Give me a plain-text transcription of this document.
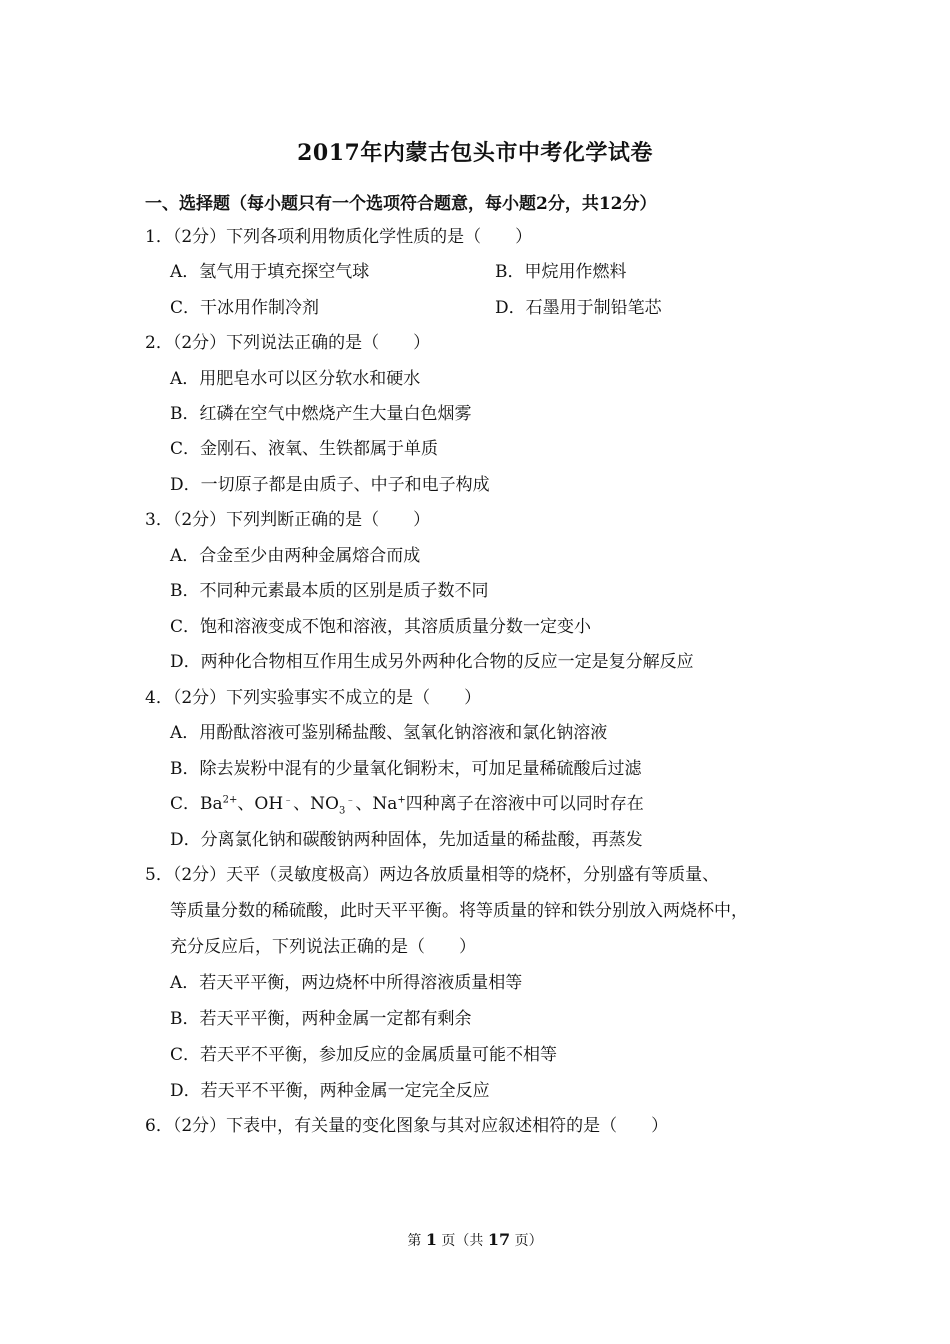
2017年内蒙古包头市中考化学试卷
一、选择题（每小题只有一个选项符合题意，每小题2分，共12分）
1．（2分）下列各项利用物质化学性质的是（　　）
A．氢气用于填充探空气球	B．甲烷用作燃料
C．干冰用作制冷剂	D．石墨用于制铅笔芯
2．（2分）下列说法正确的是（　　）
A．用肥皂水可以区分软水和硬水
B．红磷在空气中燃烧产生大量白色烟雾
C．金刚石、液氧、生铁都属于单质
D．一切原子都是由质子、中子和电子构成
3．（2分）下列判断正确的是（　　）
A．合金至少由两种金属熔合而成
B．不同种元素最本质的区别是质子数不同
C．饱和溶液变成不饱和溶液，其溶质质量分数一定变小
D．两种化合物相互作用生成另外两种化合物的反应一定是复分解反应
4．（2分）下列实验事实不成立的是（　　）
A．用酚酞溶液可鉴别稀盐酸、氢氧化钠溶液和氯化钠溶液
B．除去炭粉中混有的少量氧化铜粉末，可加足量稀硫酸后过滤
C．$Ba^{2+}$、OH﹣、$NO_3^﹣$、Na+四种离子在溶液中可以同时存在
D．分离氯化钠和碳酸钠两种固体，先加适量的稀盐酸，再蒸发
5．（2分）天平（灵敏度极高）两边各放质量相等的烧杯，分别盛有等质量、
等质量分数的稀硫酸，此时天平平衡。将等质量的锌和铁分别放入两烧杯中，
充分反应后，下列说法正确的是（　　）
A．若天平平衡，两边烧杯中所得溶液质量相等
B．若天平平衡，两种金属一定都有剩余
C．若天平不平衡，参加反应的金属质量可能不相等
D．若天平不平衡，两种金属一定完全反应
6．（2分）下表中，有关量的变化图象与其对应叙述相符的是（　　）
第 1 页（共 17 页）
